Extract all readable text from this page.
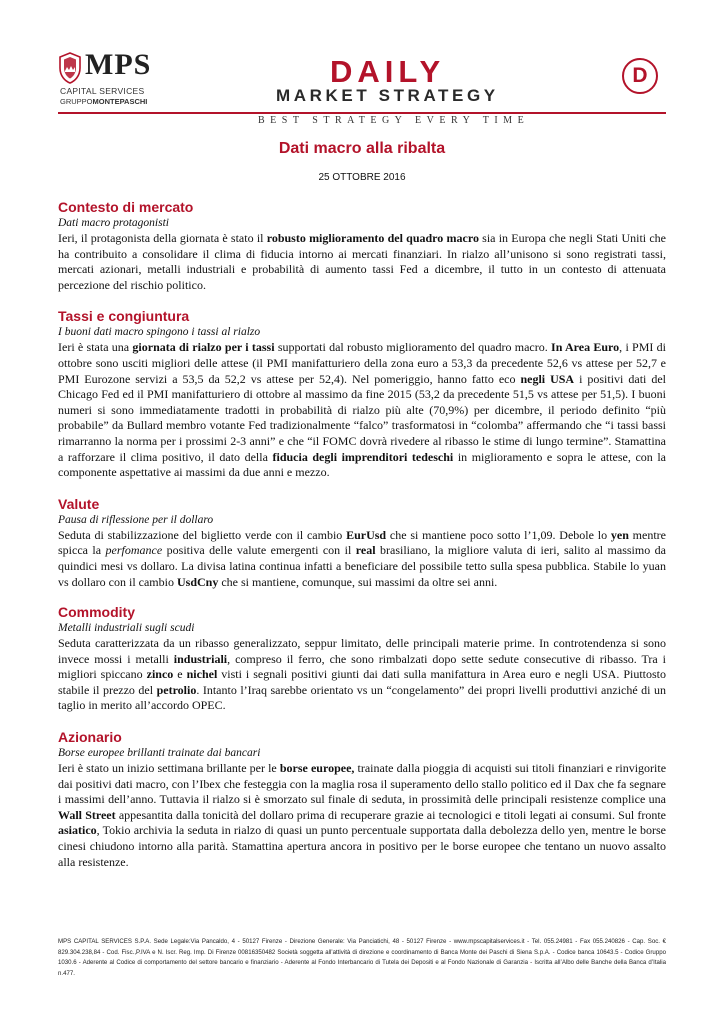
MPS
CAPITAL SERVICES
GRUPPOMONTEPASCHI
DAILY
MARKET STRATEGY
D
BEST STRATEGY EVERY TIME
Dati macro alla ribalta
25 OTTOBRE 2016
Contesto di mercato

Dati macro protagonisti

Ieri, il protagonista della giornata è stato il robusto miglioramento del quadro macro sia in Europa che negli Stati Uniti che ha contribuito a consolidare il clima di fiducia intorno ai mercati finanziari. In rialzo all’unisono si sono registrati tassi, mercati azionari, metalli industriali e probabilità di aumento tassi Fed a dicembre, il tutto in un contesto di attenuata percezione del rischio politico.

Tassi e congiuntura

I buoni dati macro spingono i tassi al rialzo

Ieri è stata una giornata di rialzo per i tassi supportati dal robusto miglioramento del quadro macro. In Area Euro, i PMI di ottobre sono usciti migliori delle attese (il PMI manifatturiero della zona euro a 53,3 da precedente 52,6 vs attese per 52,7 e PMI Eurozone servizi a 53,5 da 52,2 vs attese per 52,4). Nel pomeriggio, hanno fatto eco negli USA i positivi dati del Chicago Fed ed il PMI manifatturiero di ottobre al massimo da fine 2015 (53,2 da precedente 51,5 vs attese per 51,5). I buoni numeri si sono immediatamente tradotti in probabilità di rialzo più alte (70,9%) per dicembre, il periodo definito “più probabile” da Bullard membro votante Fed tradizionalmente “falco” trasformatosi in “colomba” affermando che “i tassi bassi rimarranno la norma per i prossimi 2-3 anni” e che “il FOMC dovrà rivedere al ribasso le stime di lungo termine”. Stamattina a rafforzare il clima positivo, il dato della fiducia degli imprenditori tedeschi in miglioramento e sopra le attese, con la componente aspettative ai massimi da due anni e mezzo.

Valute

Pausa di riflessione per il dollaro

Seduta di stabilizzazione del biglietto verde con il cambio EurUsd che si mantiene poco sotto l’1,09. Debole lo yen mentre spicca la perfomance positiva delle valute emergenti con il real brasiliano, la migliore valuta di ieri, salito al massimo da quindici mesi vs dollaro. La divisa latina continua infatti a beneficiare del possibile tetto sulla spesa pubblica. Stabile lo yuan vs dollaro con il cambio UsdCny che si mantiene, comunque, sui massimi da oltre sei anni.

Commodity

Metalli industriali sugli scudi

Seduta caratterizzata da un ribasso generalizzato, seppur limitato, delle principali materie prime. In controtendenza si sono invece mossi i metalli industriali, compreso il ferro, che sono rimbalzati dopo sette sedute consecutive di ribasso. Tra i migliori spiccano zinco e nichel visti i segnali positivi giunti dai dati sulla manifattura in Area euro e negli USA. Piuttosto stabile il prezzo del petrolio. Intanto l’Iraq sarebbe orientato vs un “congelamento” dei propri livelli produttivi anziché di un taglio in merito all’accordo OPEC.

Azionario

Borse europee brillanti trainate dai bancari

Ieri è stato un inizio settimana brillante per le borse europee, trainate dalla pioggia di acquisti sui titoli finanziari e rinvigorite dai positivi dati macro, con l’Ibex che festeggia con la maglia rosa il superamento dello stallo politico ed il Dax che fa segnare i massimi dell’anno. Tuttavia il rialzo si è smorzato sul finale di seduta, in prossimità delle principali resistenze complice una Wall Street appesantita dalla tonicità del dollaro prima di recuperare grazie ai tecnologici e titoli legati ai consumi. Sul fronte asiatico, Tokio archivia la seduta in rialzo di quasi un punto percentuale supportata dalla debolezza dello yen, mentre le borse cinesi chiudono intorno alla parità. Stamattina apertura ancora in positivo per le borse europee che tentano un nuovo assalto alla resistenze.

MPS CAPITAL SERVICES S.P.A. Sede Legale:Via Pancaldo, 4 - 50127 Firenze - Direzione Generale: Via Panciatichi, 48 - 50127 Firenze - www.mpscapitalservices.it - Tel. 055.24981 - Fax 055.240826 - Cap. Soc. € 829.304.238,84 - Cod. Fisc.,P.IVA e N. Iscr. Reg. Imp. Di Firenze 00816350482 Società soggetta all’attività di direzione e coordinamento di Banca Monte dei Paschi di Siena S.p.A. - Codice banca 10643.5 - Codice Gruppo 1030.6 - Aderente al Codice di comportamento del settore bancario e finanziario - Aderente al Fondo Interbancario di Tutela dei Depositi e al Fondo Nazionale di Garanzia - Iscritta all’Albo delle Banche della Banca d’Italia n.477.
